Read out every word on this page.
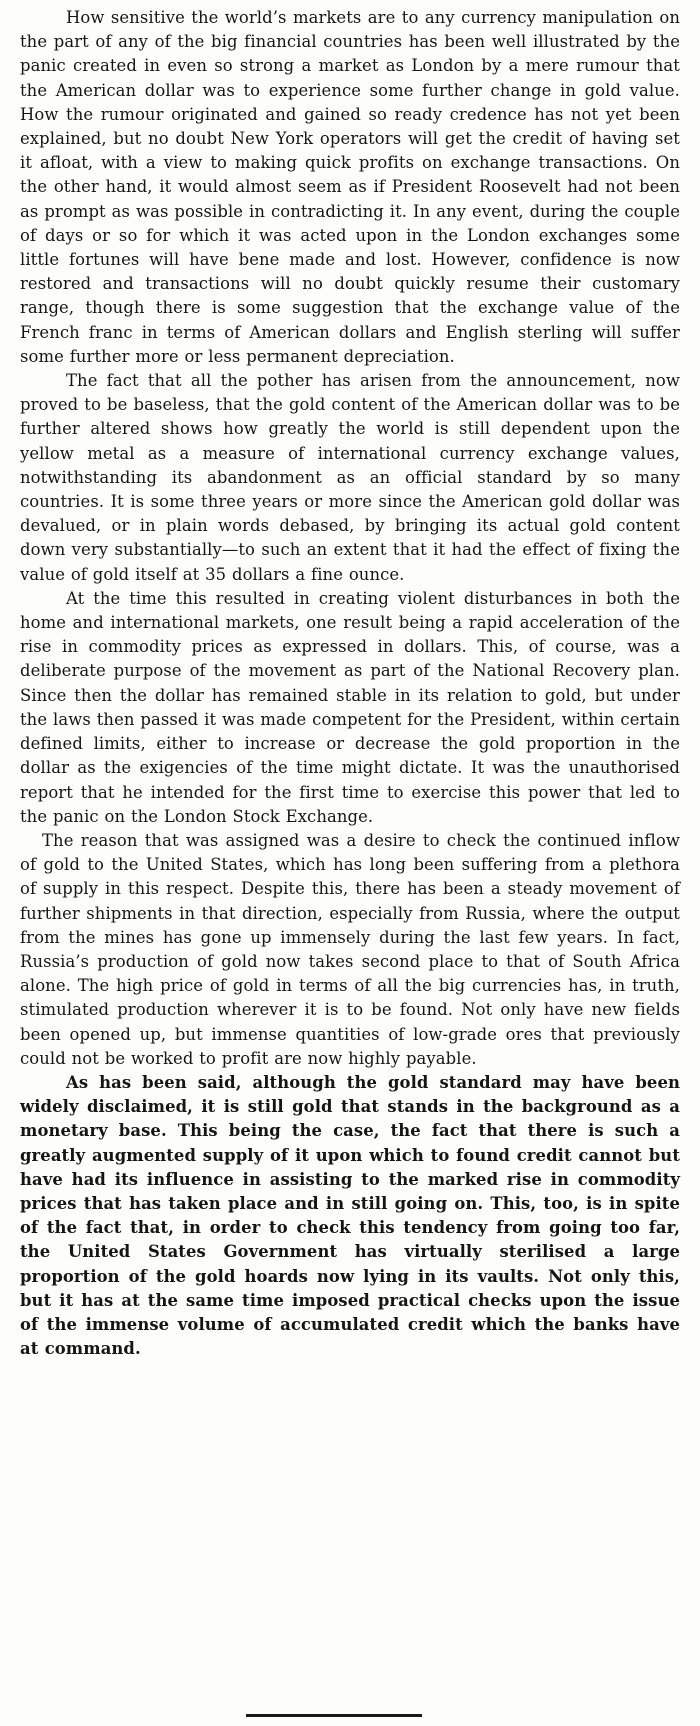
How sensitive the world’s markets are to any currency manipulation on the part of any of the big financial countries has been well illustrated by the panic created in even so strong a market as London by a mere rumour that the American dollar was to experience some further change in gold value. How the rumour originated and gained so ready credence has not yet been explained, but no doubt New York operators will get the credit of having set it afloat, with a view to making quick profits on exchange transactions. On the other hand, it would almost seem as if President Roosevelt had not been as prompt as was possible in contradicting it. In any event, during the couple of days or so for which it was acted upon in the London exchanges some little fortunes will have bene made and lost. However, confidence is now restored and transactions will no doubt quickly resume their customary range, though there is some suggestion that the exchange value of the French franc in terms of American dollars and English sterling will suffer some further more or less permanent depreciation.

The fact that all the pother has arisen from the announcement, now proved to be baseless, that the gold content of the American dollar was to be further altered shows how greatly the world is still dependent upon the yellow metal as a measure of international currency exchange values, notwithstanding its abandonment as an official standard by so many countries. It is some three years or more since the American gold dollar was devalued, or in plain words debased, by bringing its actual gold content down very substantially—to such an extent that it had the effect of fixing the value of gold itself at 35 dollars a fine ounce.

At the time this resulted in creating violent disturbances in both the home and international markets, one result being a rapid acceleration of the rise in commodity prices as expressed in dollars. This, of course, was a deliberate purpose of the movement as part of the National Recovery plan. Since then the dollar has remained stable in its relation to gold, but under the laws then passed it was made competent for the President, within certain defined limits, either to increase or decrease the gold proportion in the dollar as the exigencies of the time might dictate. It was the unauthorised report that he intended for the first time to exercise this power that led to the panic on the London Stock Exchange.

The reason that was assigned was a desire to check the continued inflow of gold to the United States, which has long been suffering from a plethora of supply in this respect. Despite this, there has been a steady movement of further shipments in that direction, especially from Russia, where the output from the mines has gone up immensely during the last few years. In fact, Russia’s production of gold now takes second place to that of South Africa alone. The high price of gold in terms of all the big currencies has, in truth, stimulated production wherever it is to be found. Not only have new fields been opened up, but immense quantities of low-grade ores that previously could not be worked to profit are now highly payable.

As has been said, although the gold standard may have been widely disclaimed, it is still gold that stands in the background as a monetary base. This being the case, the fact that there is such a greatly augmented supply of it upon which to found credit cannot but have had its influence in assisting to the marked rise in commodity prices that has taken place and in still going on. This, too, is in spite of the fact that, in order to check this tendency from going too far, the United States Government has virtually sterilised a large proportion of the gold hoards now lying in its vaults. Not only this, but it has at the same time imposed practical checks upon the issue of the immense volume of accumulated credit which the banks have at command.
